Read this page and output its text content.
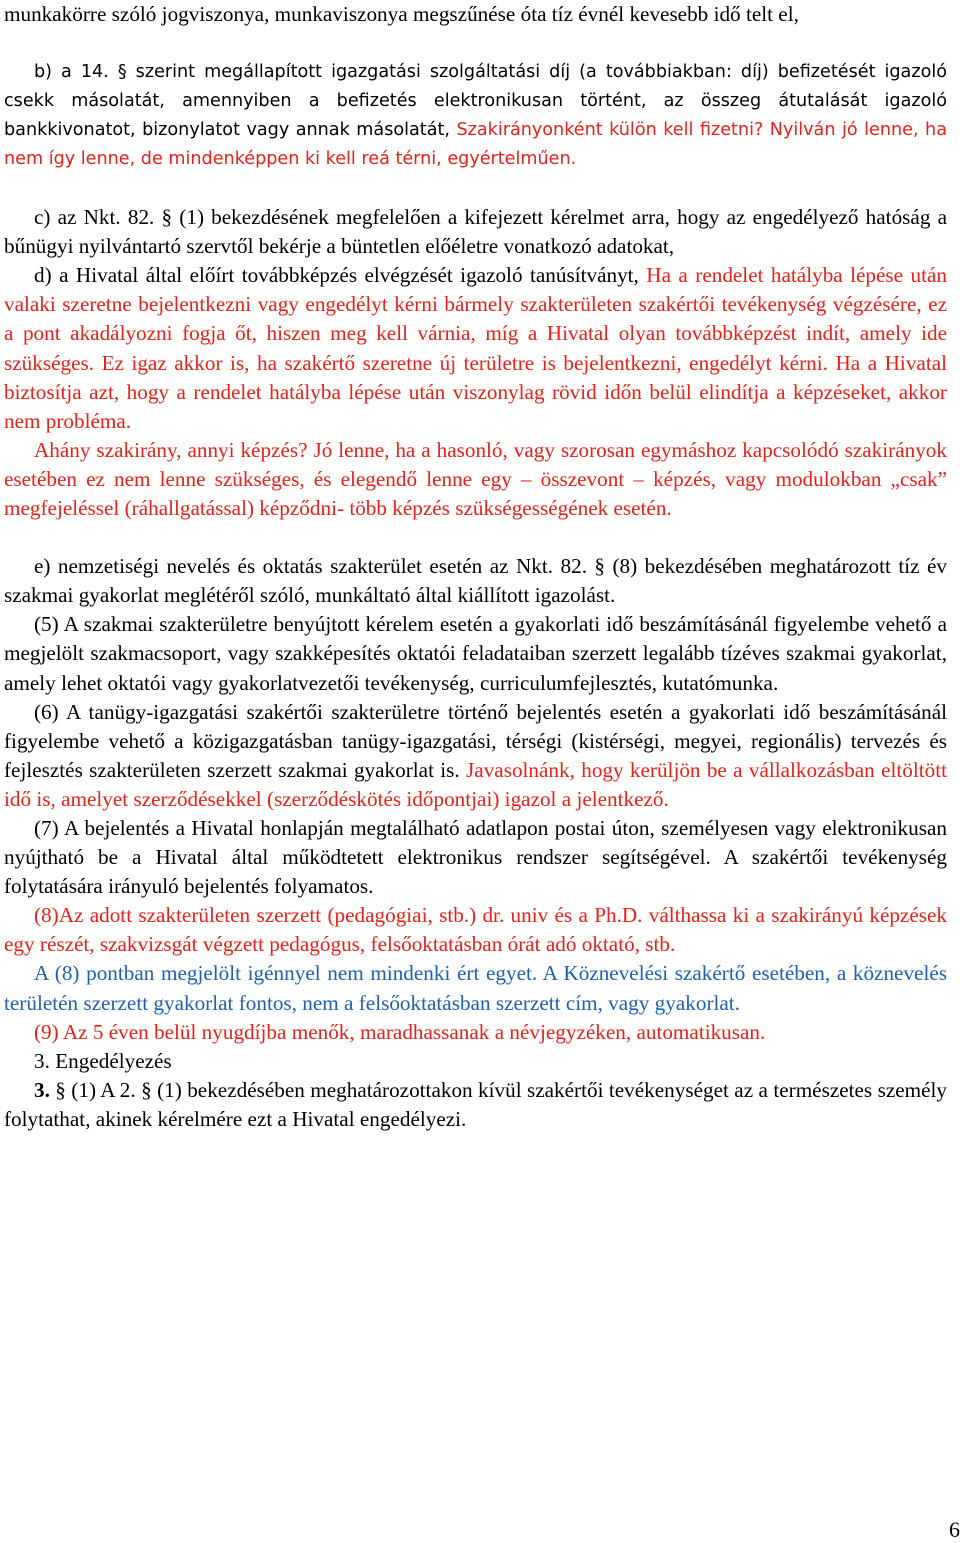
munkakörre szóló jogviszonya, munkaviszonya megszűnése óta tíz évnél kevesebb idő telt el,

b) a 14. § szerint megállapított igazgatási szolgáltatási díj (a továbbiakban: díj) befizetését igazoló csekk másolatát, amennyiben a befizetés elektronikusan történt, az összeg átutalását igazoló bankkivonatot, bizonylatot vagy annak másolatát, Szakirányonként külön kell fizetni? Nyilván jó lenne, ha nem így lenne, de mindenképpen ki kell reá térni, egyértelműen.

c) az Nkt. 82. § (1) bekezdésének megfelelően a kifejezett kérelmet arra, hogy az engedélyező hatóság a bűnügyi nyilvántartó szervtől bekérje a büntetlen előéletre vonatkozó adatokat,

d) a Hivatal által előírt továbbképzés elvégzését igazoló tanúsítványt, Ha a rendelet hatályba lépése után valaki szeretne bejelentkezni vagy engedélyt kérni bármely szakterületen szakértői tevékenység végzésére, ez a pont akadályozni fogja őt, hiszen meg kell várnia, míg a Hivatal olyan továbbképzést indít, amely ide szükséges. Ez igaz akkor is, ha szakértő szeretne új területre is bejelentkezni, engedélyt kérni. Ha a Hivatal biztosítja azt, hogy a rendelet hatályba lépése után viszonylag rövid időn belül elindítja a képzéseket, akkor nem probléma.

Ahány szakirány, annyi képzés? Jó lenne, ha a hasonló, vagy szorosan egymáshoz kapcsolódó szakirányok esetében ez nem lenne szükséges, és elegendő lenne egy – összevont – képzés, vagy modulokban „csak” megfejeléssel (ráhallgatással) képződni- több képzés szükségességének esetén.

e) nemzetiségi nevelés és oktatás szakterület esetén az Nkt. 82. § (8) bekezdésében meghatározott tíz év szakmai gyakorlat meglétéről szóló, munkáltató által kiállított igazolást.

(5) A szakmai szakterületre benyújtott kérelem esetén a gyakorlati idő beszámításánál figyelembe vehető a megjelölt szakmacsoport, vagy szakképesítés oktatói feladataiban szerzett legalább tízéves szakmai gyakorlat, amely lehet oktatói vagy gyakorlatvezetői tevékenység, curriculumfejlesztés, kutatómunka.

(6) A tanügy-igazgatási szakértői szakterületre történő bejelentés esetén a gyakorlati idő beszámításánál figyelembe vehető a közigazgatásban tanügy-igazgatási, térségi (kistérségi, megyei, regionális) tervezés és fejlesztés szakterületen szerzett szakmai gyakorlat is. Javasolnánk, hogy kerüljön be a vállalkozásban eltöltött idő is, amelyet szerződésekkel (szerződéskötés időpontjai) igazol a jelentkező.

(7) A bejelentés a Hivatal honlapján megtalálható adatlapon postai úton, személyesen vagy elektronikusan nyújtható be a Hivatal által működtetett elektronikus rendszer segítségével. A szakértői tevékenység folytatására irányuló bejelentés folyamatos.

(8)Az adott szakterületen szerzett (pedagógiai, stb.) dr. univ és a Ph.D. válthassa ki a szakirányú képzések egy részét, szakvizsgát végzett pedagógus, felsőoktatásban órát adó oktató, stb.

A (8) pontban megjelölt igénnyel nem mindenki ért egyet. A Köznevelési szakértő esetében, a köznevelés területén szerzett gyakorlat fontos, nem a felsőoktatásban szerzett cím, vagy gyakorlat.

(9) Az 5 éven belül nyugdíjba menők, maradhassanak a névjegyzéken, automatikusan.

3. Engedélyezés

3. § (1) A 2. § (1) bekezdésében meghatározottakon kívül szakértői tevékenységet az a természetes személy folytathat, akinek kérelmére ezt a Hivatal engedélyezi.

6
